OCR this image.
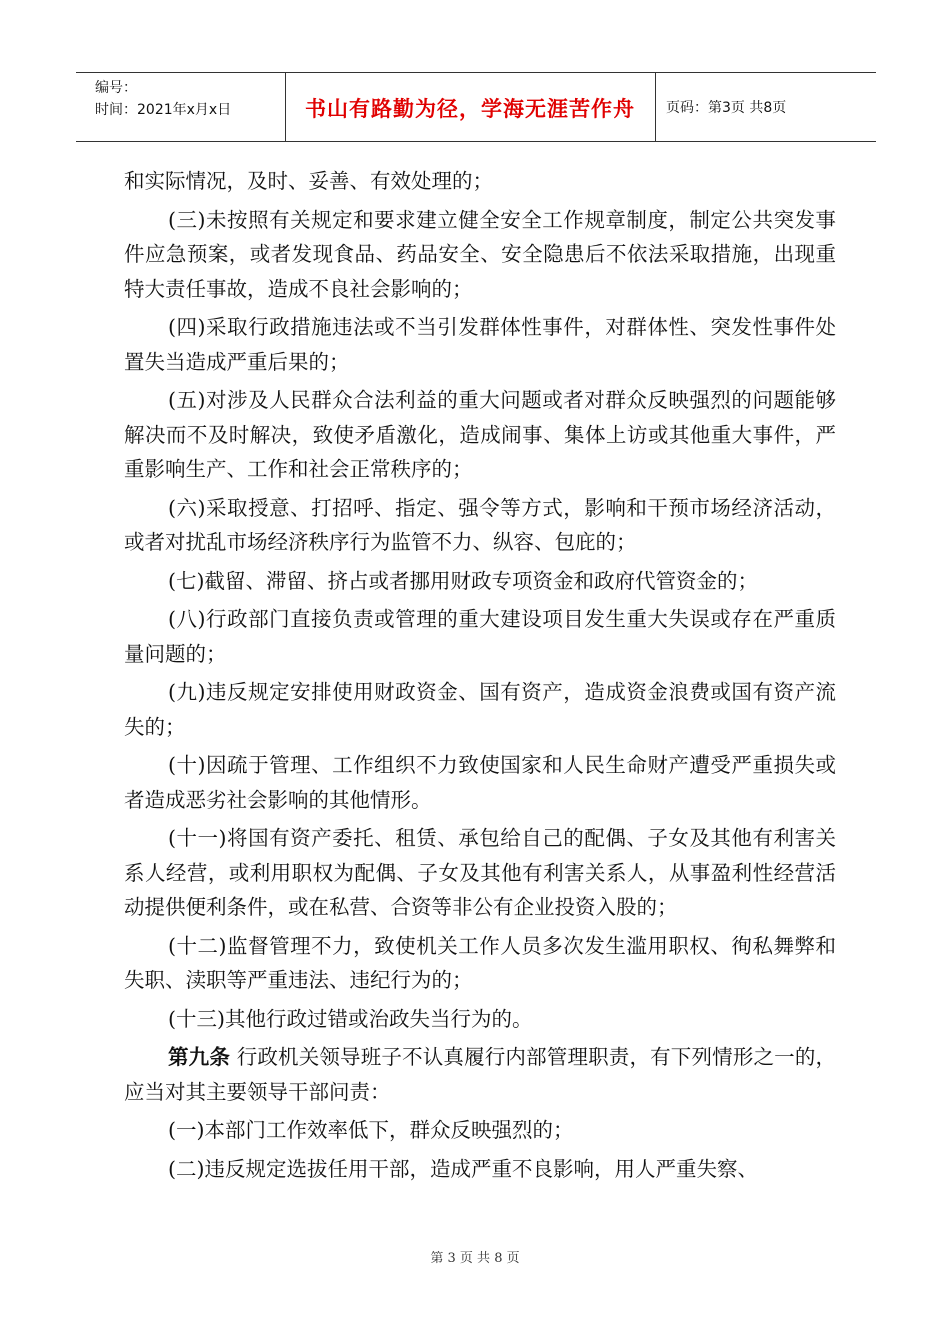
编号：
时间：2021年x月x日	书山有路勤为径，学海无涯苦作舟	页码：第3页 共8页

和实际情况，及时、妥善、有效处理的；

(三)未按照有关规定和要求建立健全安全工作规章制度，制定公共突发事件应急预案，或者发现食品、药品安全、安全隐患后不依法采取措施，出现重特大责任事故，造成不良社会影响的；

(四)采取行政措施违法或不当引发群体性事件，对群体性、突发性事件处置失当造成严重后果的；

(五)对涉及人民群众合法利益的重大问题或者对群众反映强烈的问题能够解决而不及时解决，致使矛盾激化，造成闹事、集体上访或其他重大事件，严重影响生产、工作和社会正常秩序的；

(六)采取授意、打招呼、指定、强令等方式，影响和干预市场经济活动，或者对扰乱市场经济秩序行为监管不力、纵容、包庇的；

(七)截留、滞留、挤占或者挪用财政专项资金和政府代管资金的；

(八)行政部门直接负责或管理的重大建设项目发生重大失误或存在严重质量问题的；

(九)违反规定安排使用财政资金、国有资产，造成资金浪费或国有资产流失的；

(十)因疏于管理、工作组织不力致使国家和人民生命财产遭受严重损失或者造成恶劣社会影响的其他情形。

(十一)将国有资产委托、租赁、承包给自己的配偶、子女及其他有利害关系人经营，或利用职权为配偶、子女及其他有利害关系人，从事盈利性经营活动提供便利条件，或在私营、合资等非公有企业投资入股的；

(十二)监督管理不力，致使机关工作人员多次发生滥用职权、徇私舞弊和失职、渎职等严重违法、违纪行为的；

(十三)其他行政过错或治政失当行为的。

第九条 行政机关领导班子不认真履行内部管理职责，有下列情形之一的，应当对其主要领导干部问责：

(一)本部门工作效率低下，群众反映强烈的；

(二)违反规定选拔任用干部，造成严重不良影响，用人严重失察、

第 3 页 共 8 页
